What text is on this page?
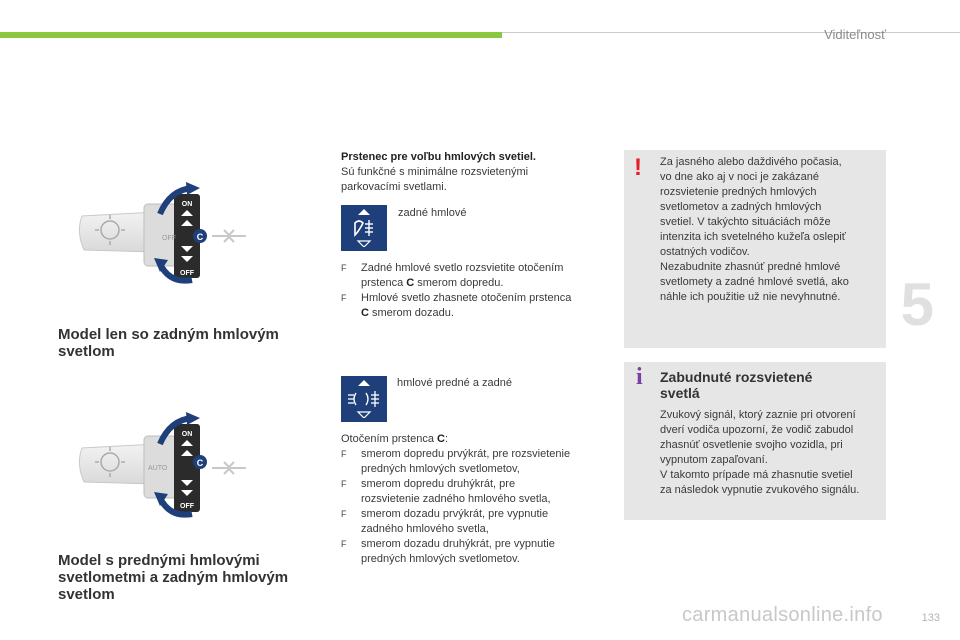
Viditeľnosť
5
ON
OFF
C
OFF
Model len so zadným hmlovým
svetlom
ON
OFF
C
AUTO
Model s prednými hmlovými
svetlometmi a zadným hmlovým
svetlom
Prstenec pre voľbu hmlových svetiel.
Sú funkčné s minimálne rozsvietenými
parkovacími svetlami.
zadné hmlové
F Zadné hmlové svetlo rozsvietite otočením
prstenca C smerom dopredu.
F Hmlové svetlo zhasnete otočením prstenca
C smerom dozadu.
hmlové predné a zadné
Otočením prstenca C:
F smerom dopredu prvýkrát, pre rozsvietenie
predných hmlových svetlometov,
F smerom dopredu druhýkrát, pre
rozsvietenie zadného hmlového svetla,
F smerom dozadu prvýkrát, pre vypnutie
zadného hmlového svetla,
F smerom dozadu druhýkrát, pre vypnutie
predných hmlových svetlometov.
! Za jasného alebo daždivého počasia,
vo dne ako aj v noci je zakázané
rozsvietenie predných hmlových
svetlometov a zadných hmlových
svetiel. V takýchto situáciách môže
intenzita ich svetelného kužeľa oslepiť
ostatných vodičov.
Nezabudnite zhasnúť predné hmlové
svetlomety a zadné hmlové svetlá, ako
náhle ich použitie už nie nevyhnutné.
i Zabudnuté rozsvietené
svetlá
Zvukový signál, ktorý zaznie pri otvorení
dverí vodiča upozorní, že vodič zabudol
zhasnúť osvetlenie svojho vozidla, pri
vypnutom zapaľovaní.
V takomto prípade má zhasnutie svetiel
za následok vypnutie zvukového signálu.
carmanualsonline.info	133
